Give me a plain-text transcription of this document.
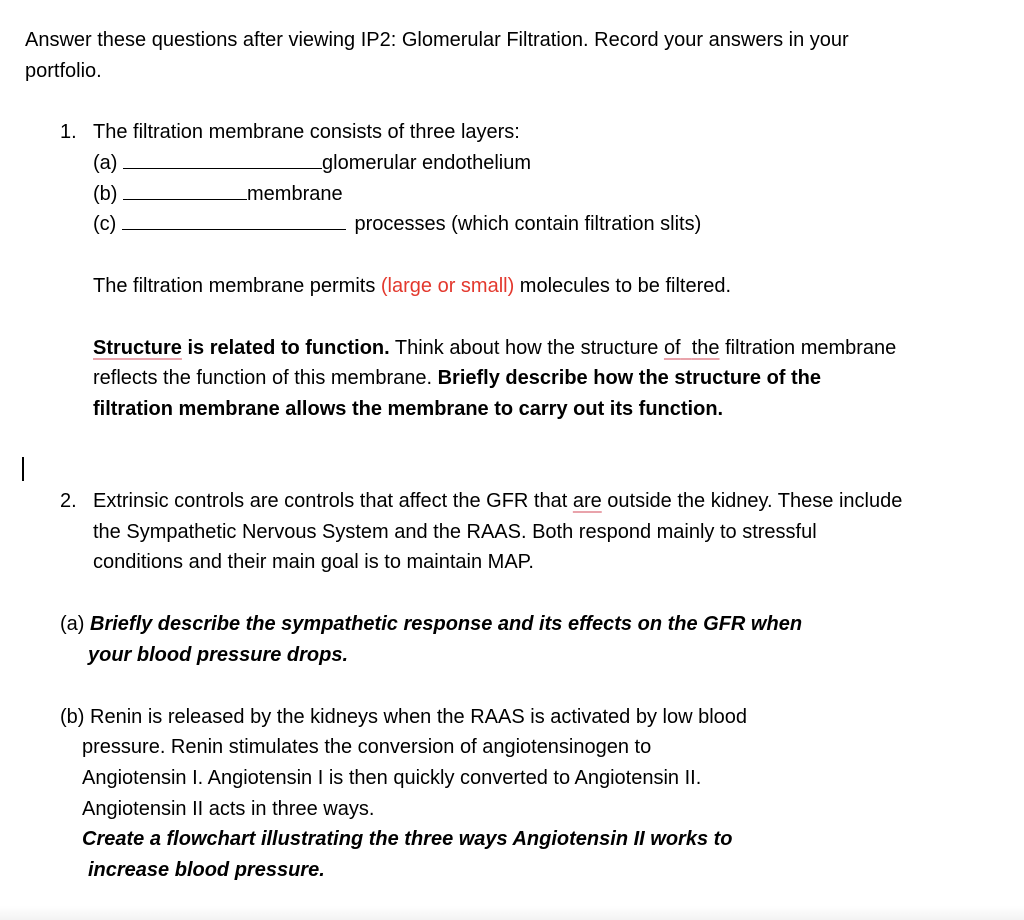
Answer these questions after viewing IP2: Glomerular Filtration. Record your answers in your
portfolio.
1. The filtration membrane consists of three layers:
(a)	glomerular endothelium
(b)	membrane
(c)	processes (which contain filtration slits)
The filtration membrane permits (large or small) molecules to be filtered.
Structure is related to function. Think about how the structure of the filtration membrane
reflects the function of this membrane. Briefly describe how the structure of the
filtration membrane allows the membrane to carry out its function.
2. Extrinsic controls are controls that affect the GFR that are outside the kidney. These include
the Sympathetic Nervous System and the RAAS. Both respond mainly to stressful
conditions and their main goal is to maintain MAP.
(a) Briefly describe the sympathetic response and its effects on the GFR when
your blood pressure drops.
(b) Renin is released by the kidneys when the RAAS is activated by low blood
pressure. Renin stimulates the conversion of angiotensinogen to
Angiotensin I. Angiotensin I is then quickly converted to Angiotensin II.
Angiotensin II acts in three ways.
Create a flowchart illustrating the three ways Angiotensin II works to
increase blood pressure.
